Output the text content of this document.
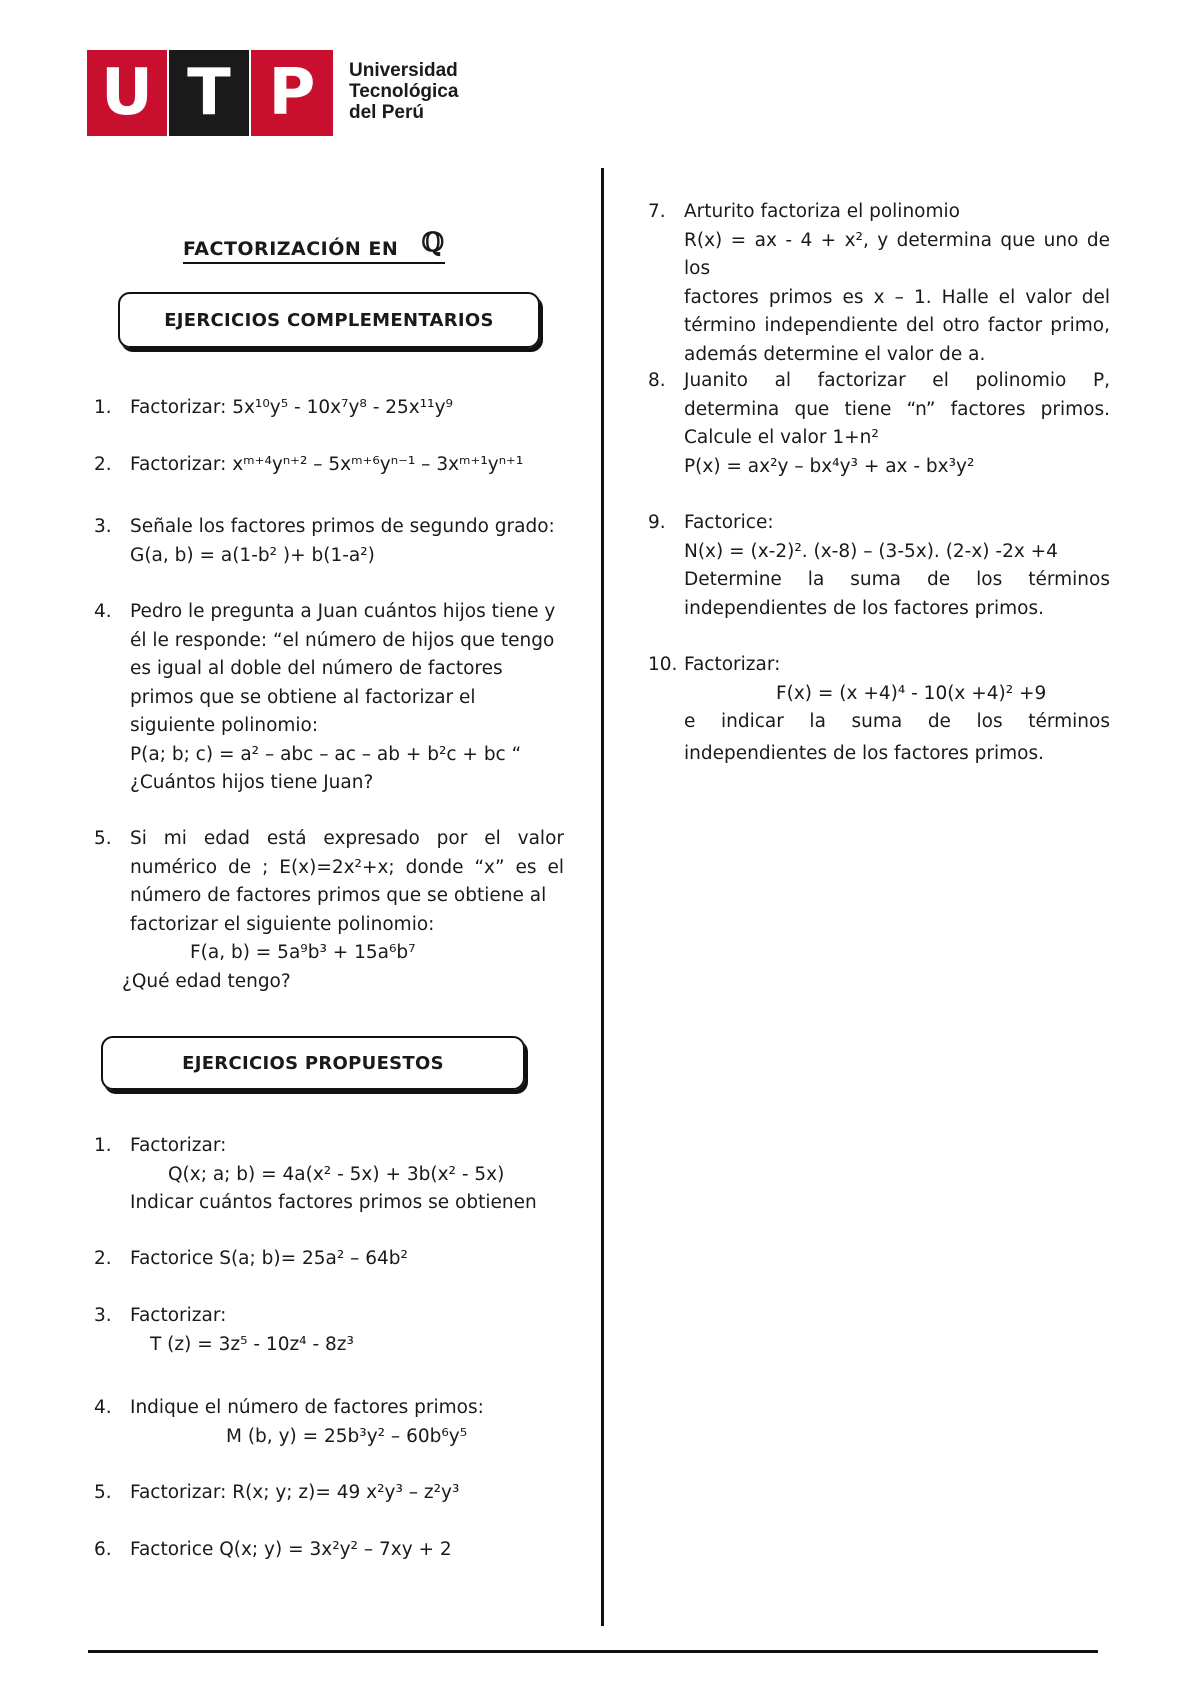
U T P	Universidad
Tecnológica
del Perú
FACTORIZACIÓN EN ℚ
EJERCICIOS COMPLEMENTARIOS
EJERCICIOS PROPUESTOS
1. Factorizar: 5x¹⁰y⁵ - 10x⁷y⁸ - 25x¹¹y⁹
2. Factorizar: xᵐ⁺⁴yⁿ⁺² – 5xᵐ⁺⁶yⁿ⁻¹ – 3xᵐ⁺¹yⁿ⁺¹
3. Señale los factores primos de segundo grado:
G(a, b) = a(1-b² )+ b(1-a²)
4. Pedro le pregunta a Juan cuántos hijos tiene y
él le responde: “el número de hijos que tengo
es igual al doble del número de factores
primos que se obtiene al factorizar el
siguiente polinomio:
P(a; b; c) = a² – abc – ac – ab + b²c + bc “
¿Cuántos hijos tiene Juan?
5. Si mi edad está expresado por el valor
numérico de ; E(x)=2x²+x; donde “x” es el
número de factores primos que se obtiene al
factorizar el siguiente polinomio:
F(a, b) = 5a⁹b³ + 15a⁶b⁷
¿Qué edad tengo?
1. Factorizar:
Q(x; a; b) = 4a(x² - 5x) + 3b(x² - 5x)
Indicar cuántos factores primos se obtienen
2. Factorice S(a; b)= 25a² – 64b²
3. Factorizar:
T (z) = 3z⁵ - 10z⁴ - 8z³
4. Indique el número de factores primos:
M (b, y) = 25b³y² – 60b⁶y⁵
5. Factorizar: R(x; y; z)= 49 x²y³ – z²y³
6. Factorice Q(x; y) = 3x²y² – 7xy + 2
7. Arturito factoriza el polinomio
R(x) = ax - 4 + x², y determina que uno de los
factores primos es x – 1. Halle el valor del
término independiente del otro factor primo,
además determine el valor de a.
8. Juanito al factorizar el polinomio P,
determina que tiene “n” factores primos.
Calcule el valor 1+n²
P(x) = ax²y – bx⁴y³ + ax - bx³y²
9. Factorice:
N(x) = (x-2)². (x-8) – (3-5x). (2-x) -2x +4
Determine la suma de los términos
independientes de los factores primos.
10. Factorizar:
F(x) = (x +4)⁴ - 10(x +4)² +9
e indicar la suma de los términos
independientes de los factores primos.
